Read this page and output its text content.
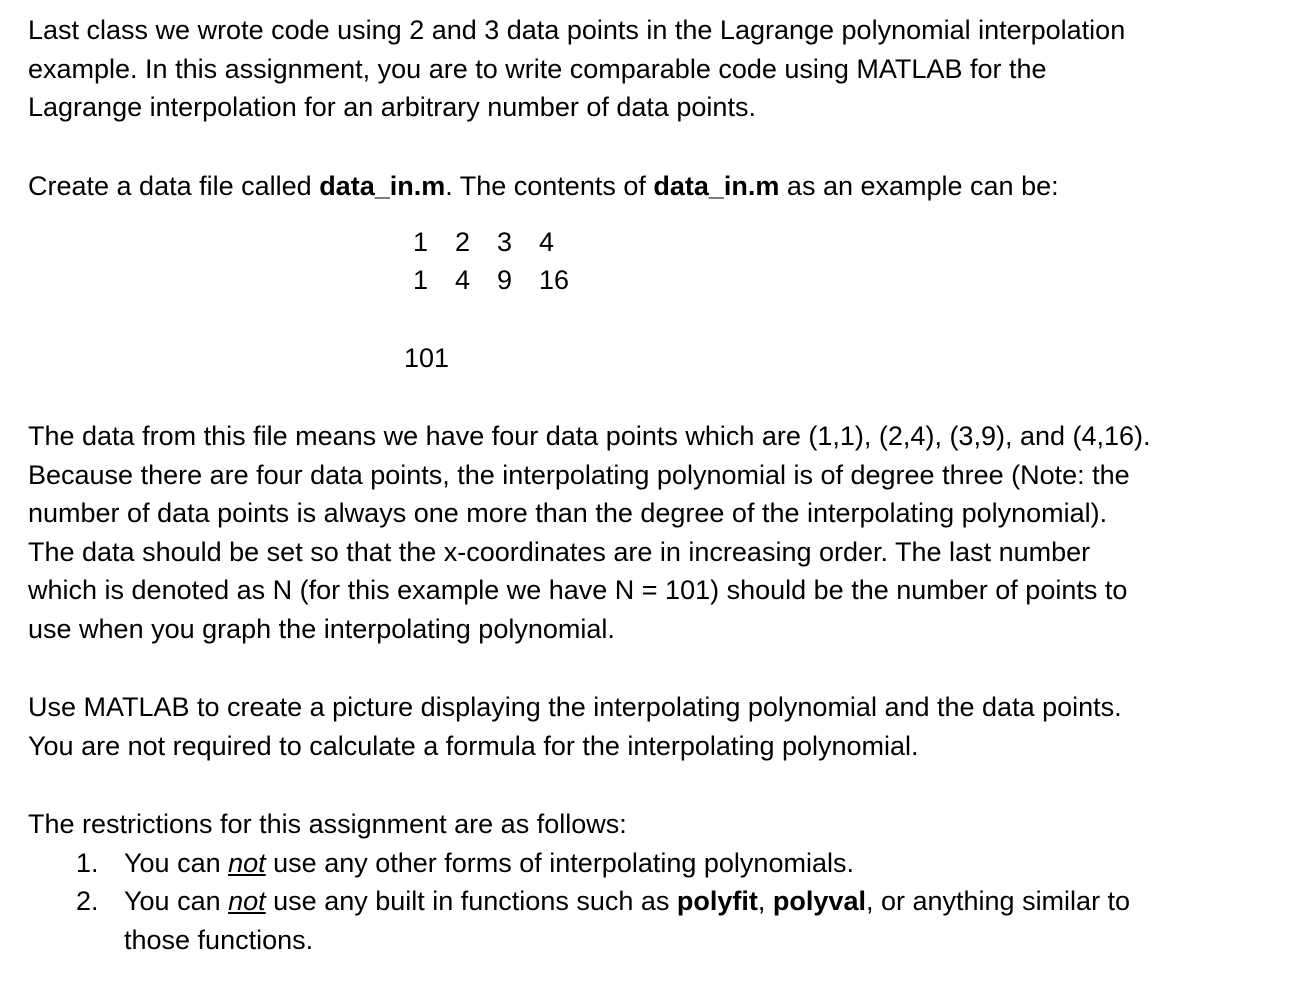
Last class we wrote code using 2 and 3 data points in the Lagrange polynomial interpolation
example. In this assignment, you are to write comparable code using MATLAB for the
Lagrange interpolation for an arbitrary number of data points.

Create a data file called data_in.m. The contents of data_in.m as an example can be:

1 2 3 4
1 4 9 16
101

The data from this file means we have four data points which are (1,1), (2,4), (3,9), and (4,16).
Because there are four data points, the interpolating polynomial is of degree three (Note: the
number of data points is always one more than the degree of the interpolating polynomial).
The data should be set so that the x-coordinates are in increasing order. The last number
which is denoted as N (for this example we have N = 101) should be the number of points to
use when you graph the interpolating polynomial.

Use MATLAB to create a picture displaying the interpolating polynomial and the data points.
You are not required to calculate a formula for the interpolating polynomial.

The restrictions for this assignment are as follows:

1. You can not use any other forms of interpolating polynomials.
2. You can not use any built in functions such as polyfit, polyval, or anything similar to
those functions.
